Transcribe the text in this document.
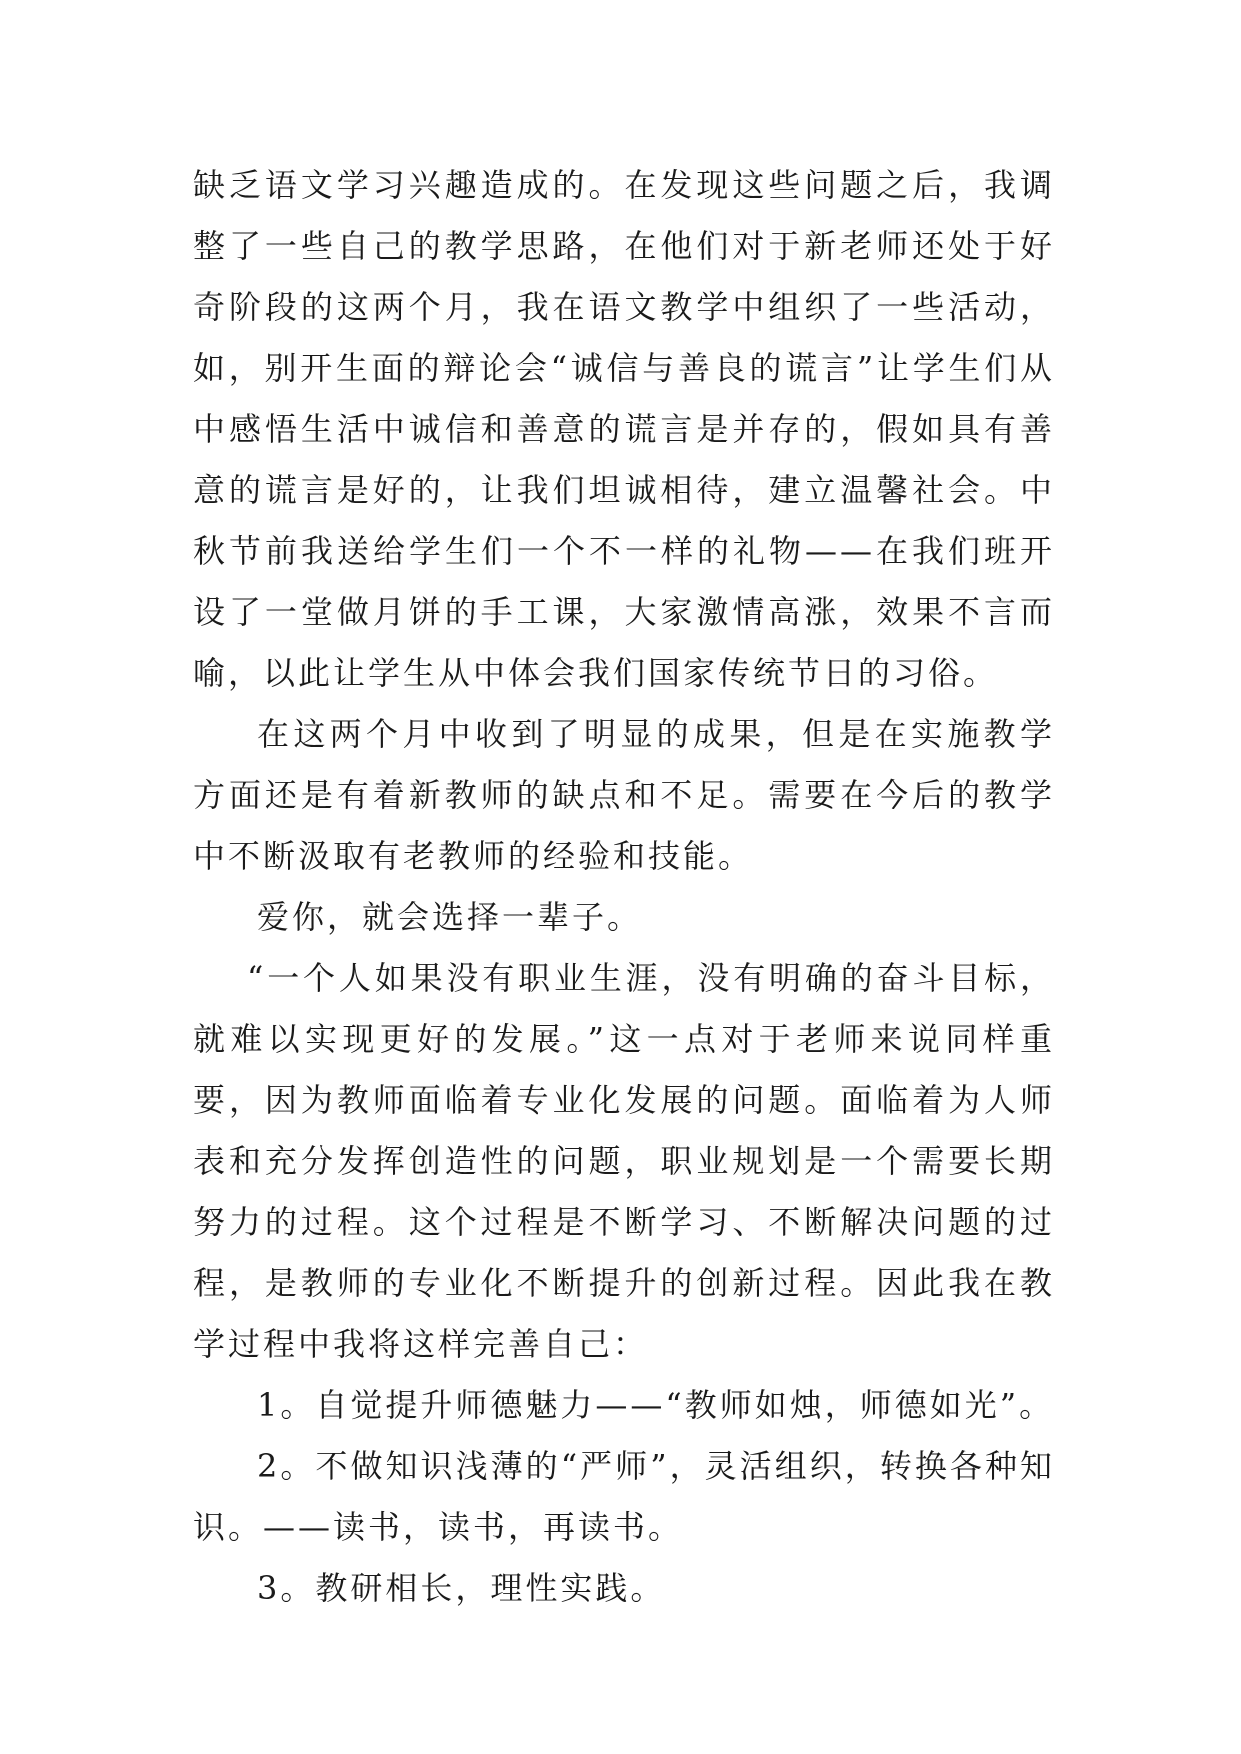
缺乏语文学习兴趣造成的。在发现这些问题之后，我调整了一些自己的教学思路，在他们对于新老师还处于好奇阶段的这两个月，我在语文教学中组织了一些活动，如，别开生面的辩论会“诚信与善良的谎言”让学生们从中感悟生活中诚信和善意的谎言是并存的，假如具有善意的谎言是好的，让我们坦诚相待，建立温馨社会。中秋节前我送给学生们一个不一样的礼物——在我们班开设了一堂做月饼的手工课，大家激情高涨，效果不言而喻，以此让学生从中体会我们国家传统节日的习俗。

在这两个月中收到了明显的成果，但是在实施教学方面还是有着新教师的缺点和不足。需要在今后的教学中不断汲取有老教师的经验和技能。

爱你，就会选择一辈子。

“一个人如果没有职业生涯，没有明确的奋斗目标，就难以实现更好的发展。”这一点对于老师来说同样重要，因为教师面临着专业化发展的问题。面临着为人师表和充分发挥创造性的问题，职业规划是一个需要长期努力的过程。这个过程是不断学习、不断解决问题的过程，是教师的专业化不断提升的创新过程。因此我在教学过程中我将这样完善自己：

1。自觉提升师德魅力——“教师如烛，师德如光”。

2。不做知识浅薄的“严师”，灵活组织，转换各种知识。——读书，读书，再读书。

3。教研相长，理性实践。
